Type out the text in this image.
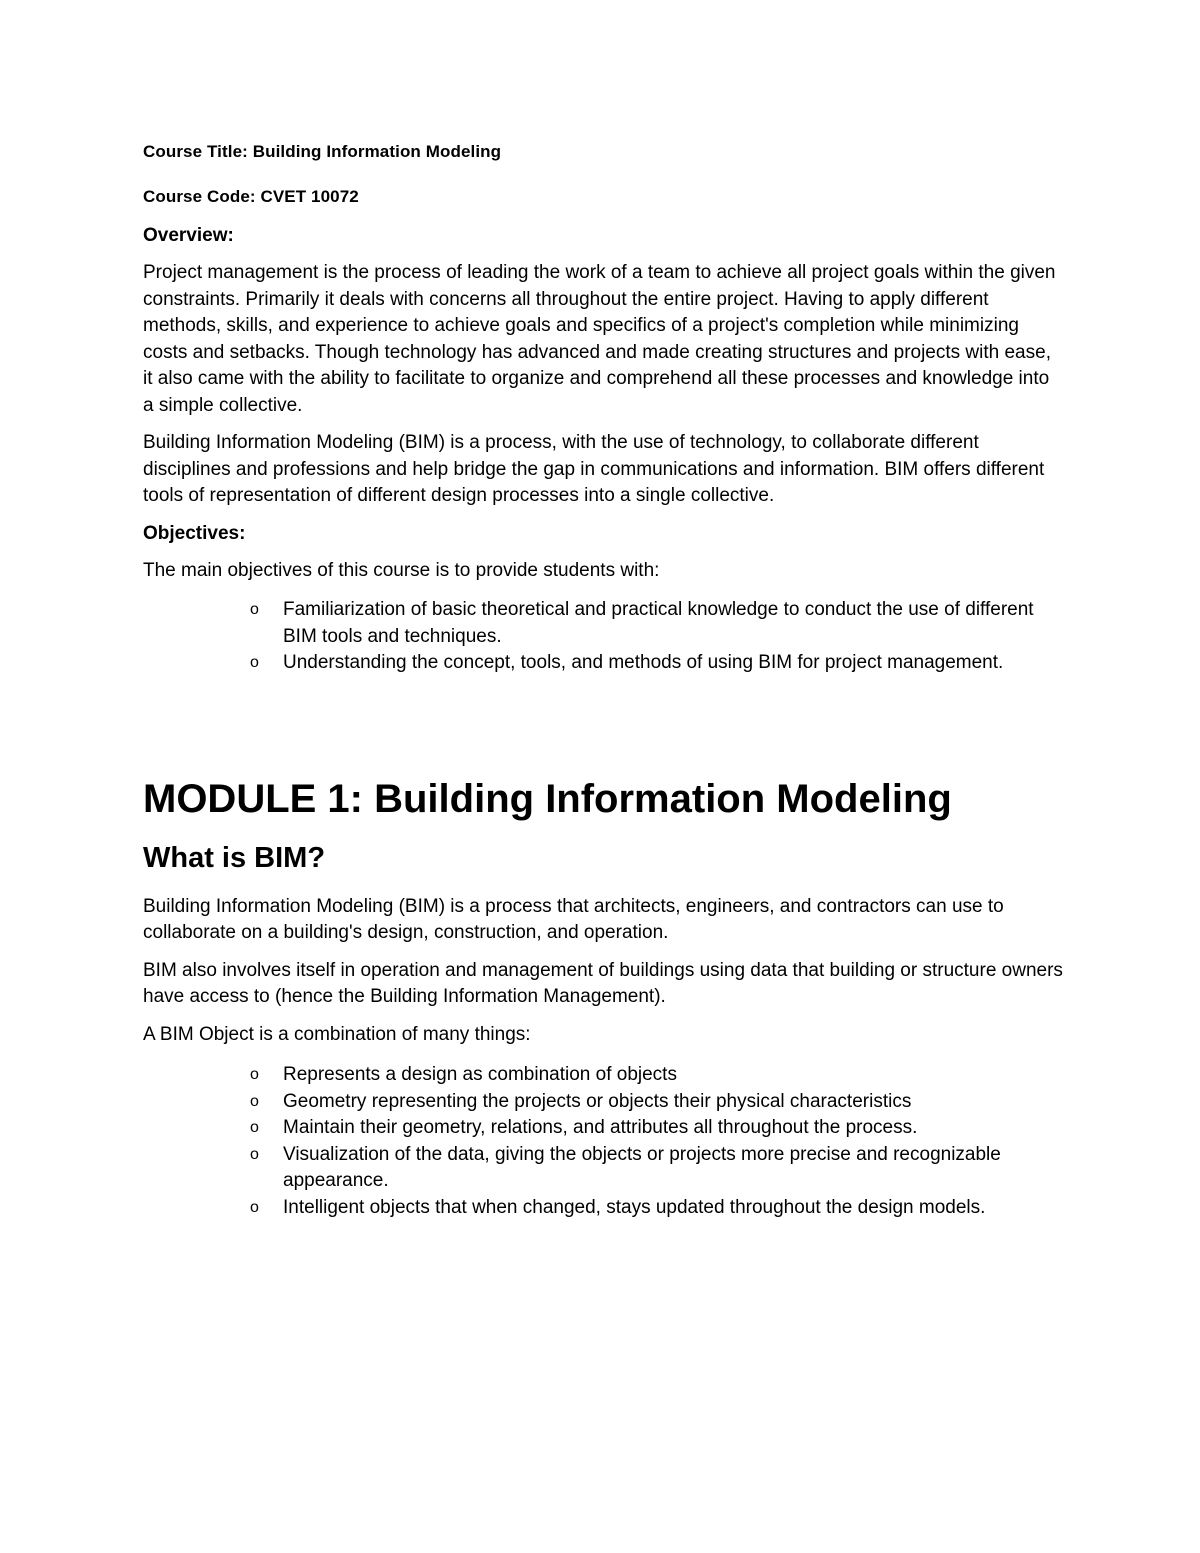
Course Title: Building Information Modeling

Course Code: CVET 10072

Overview:

Project management is the process of leading the work of a team to achieve all project goals within the given constraints. Primarily it deals with concerns all throughout the entire project. Having to apply different methods, skills, and experience to achieve goals and specifics of a project's completion while minimizing costs and setbacks. Though technology has advanced and made creating structures and projects with ease, it also came with the ability to facilitate to organize and comprehend all these processes and knowledge into a simple collective.

Building Information Modeling (BIM) is a process, with the use of technology, to collaborate different disciplines and professions and help bridge the gap in communications and information. BIM offers different tools of representation of different design processes into a single collective.

Objectives:

The main objectives of this course is to provide students with:

o Familiarization of basic theoretical and practical knowledge to conduct the use of different BIM tools and techniques.
o Understanding the concept, tools, and methods of using BIM for project management.
MODULE 1: Building Information Modeling
What is BIM?

Building Information Modeling (BIM) is a process that architects, engineers, and contractors can use to collaborate on a building's design, construction, and operation.

BIM also involves itself in operation and management of buildings using data that building or structure owners have access to (hence the Building Information Management).

A BIM Object is a combination of many things:

o Represents a design as combination of objects
o Geometry representing the projects or objects their physical characteristics
o Maintain their geometry, relations, and attributes all throughout the process.
o Visualization of the data, giving the objects or projects more precise and recognizable appearance.
o Intelligent objects that when changed, stays updated throughout the design models.
